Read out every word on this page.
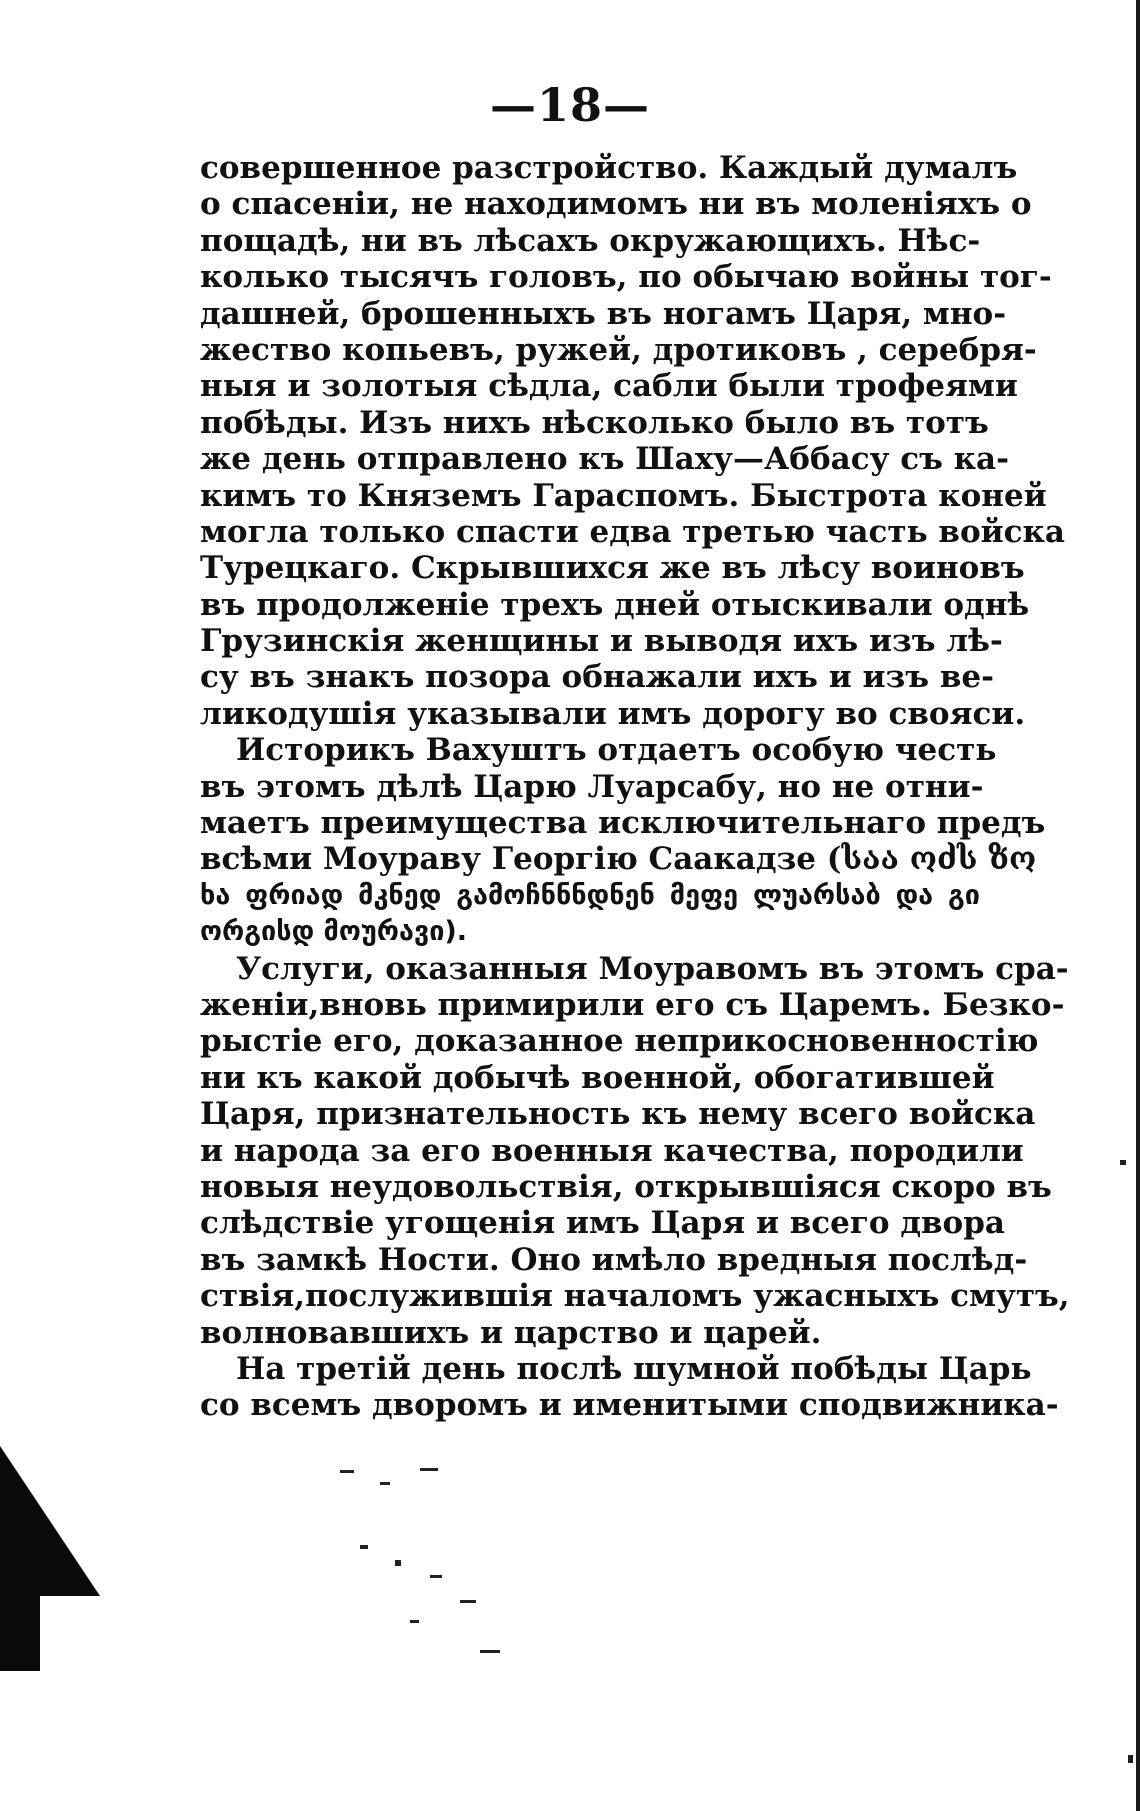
—18—
совершенное разстройство. Каждый думалъ
о спасеніи, не находимомъ ни въ моленіяхъ о
пощадѣ, ни въ лѣсахъ окружающихъ. Нѣс-
колько тысячъ головъ, по обычаю войны тог-
дашней, брошенныхъ въ ногамъ Царя, мно-
жество копьевъ, ружей, дротиковъ , серебря-
ныя и золотыя сѣдла, сабли были трофеями
побѣды. Изъ нихъ нѣсколько было въ тотъ
же день отправлено къ Шаху—Аббасу съ ка-
кимъ то Княземъ Гараспомъ. Быстрота коней
могла только спасти едва третью часть войска
Турецкаго. Скрывшихся же въ лѣсу воиновъ
въ продолженіе трехъ дней отыскивали однѣ
Грузинскія женщины и выводя ихъ изъ лѣ-
су въ знакъ позора обнажали ихъ и изъ ве-
ликодушія указывали имъ дорогу во свояси.
Историкъ Вахуштъ отдаетъ особую честь
въ этомъ дѣлѣ Царю Луарсабу, но не отни-
маетъ преимущества исключительнаго предъ
всѣми Моураву Георгію Саакадзе (საა ოძს ზო
ხა ფრიად მკნედ გამოჩნნნდნენ მეფე ლუარსაბ და გი
ორგისდ მოურავი).
Услуги, оказанныя Моуравомъ въ этомъ сра-
женіи,вновь примирили его съ Царемъ. Безко-
рыстіе его, доказанное неприкосновенностію
ни къ какой добычѣ военной, обогатившей
Царя, признательность къ нему всего войска
и народа за его военныя качества, породили
новыя неудовольствія, открывшіяся скоро въ
слѣдствіе угощенія имъ Царя и всего двора
въ замкѣ Ности. Оно имѣло вредныя послѣд-
ствія,послужившія началомъ ужасныхъ смутъ,
волновавшихъ и царство и царей.
На третій день послѣ шумной побѣды Царь
со всемъ дворомъ и именитыми сподвижника-
